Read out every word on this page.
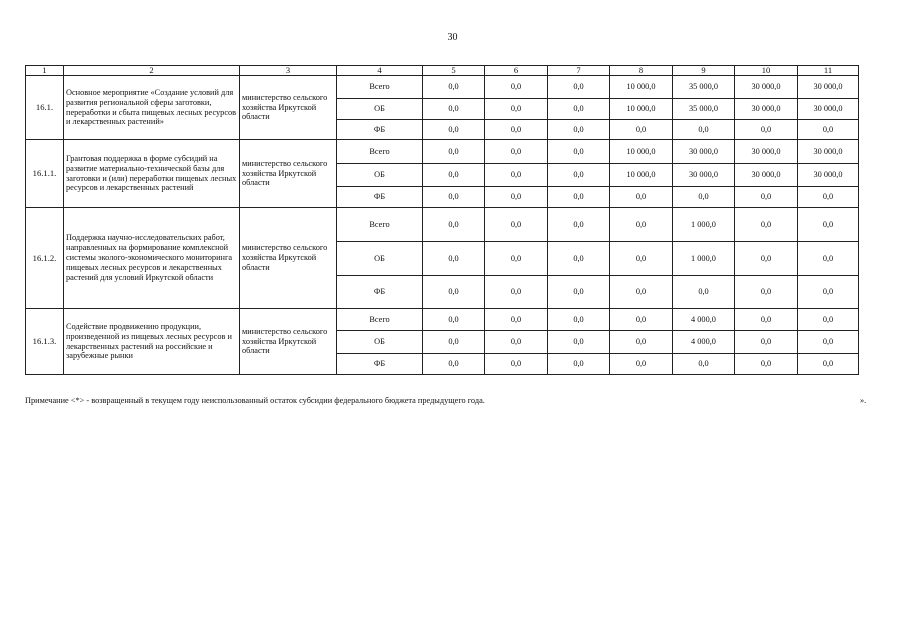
30
1	2	3	4	5	6	7	8	9	10	11
16.1.	Основное мероприятие «Создание условий для развития региональной сферы заготовки, переработки и сбыта пищевых лесных ресурсов и лекарственных растений»	министерство сельского хозяйства Иркутской области	Всего	0,0	0,0	0,0	10 000,0	35 000,0	30 000,0	30 000,0
			ОБ	0,0	0,0	0,0	10 000,0	35 000,0	30 000,0	30 000,0
			ФБ	0,0	0,0	0,0	0,0	0,0	0,0	0,0
16.1.1.	Грантовая поддержка в форме субсидий на развитие материально-технической базы для заготовки и (или) переработки пищевых лесных ресурсов и лекарственных растений	министерство сельского хозяйства Иркутской области	Всего	0,0	0,0	0,0	10 000,0	30 000,0	30 000,0	30 000,0
			ОБ	0,0	0,0	0,0	10 000,0	30 000,0	30 000,0	30 000,0
			ФБ	0,0	0,0	0,0	0,0	0,0	0,0	0,0
16.1.2.	Поддержка научно-исследовательских работ, направленных на формирование комплексной системы эколого-экономического мониторинга пищевых лесных ресурсов и лекарственных растений для условий Иркутской области	министерство сельского хозяйства Иркутской области	Всего	0,0	0,0	0,0	0,0	1 000,0	0,0	0,0
			ОБ	0,0	0,0	0,0	0,0	1 000,0	0,0	0,0
			ФБ	0,0	0,0	0,0	0,0	0,0	0,0	0,0
16.1.3.	Содействие продвижению продукции, произведенной из пищевых лесных ресурсов и лекарственных растений на российские и зарубежные рынки	министерство сельского хозяйства Иркутской области	Всего	0,0	0,0	0,0	0,0	4 000,0	0,0	0,0
			ОБ	0,0	0,0	0,0	0,0	4 000,0	0,0	0,0
			ФБ	0,0	0,0	0,0	0,0	0,0	0,0	0,0
Примечание <*> - возвращенный в текущем году неиспользованный остаток субсидии федерального бюджета предыдущего года.	».
